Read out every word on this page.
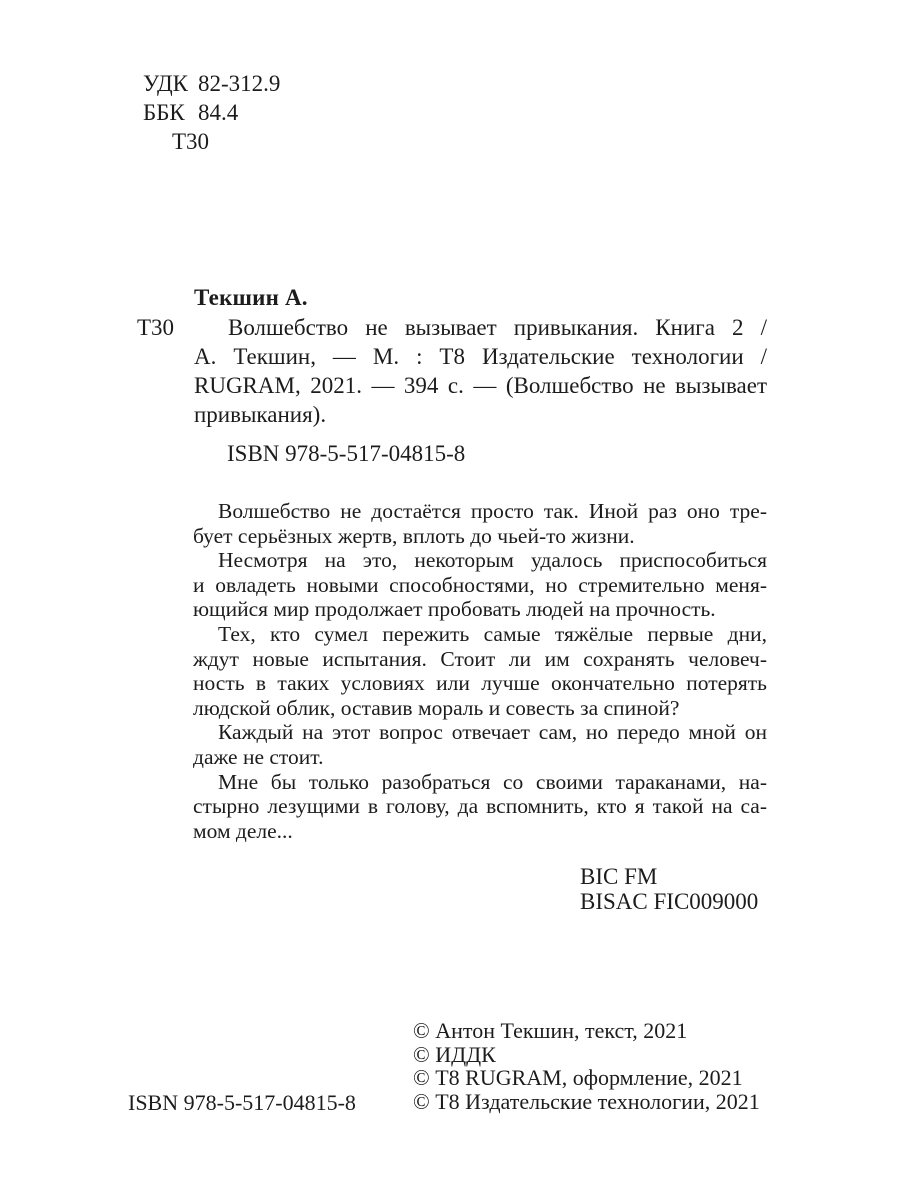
УДК 82-312.9
ББК 84.4
Т30
Текшин А.
Т30	Волшебство не вызывает привыкания. Книга 2 /
А. Текшин, — М. : Т8 Издательские технологии /
RUGRAM, 2021. — 394 с. — (Волшебство не вызывает
привыкания).
ISBN 978-5-517-04815-8
Волшебство не достаётся просто так. Иной раз оно тре-
бует серьёзных жертв, вплоть до чьей-то жизни.
Несмотря на это, некоторым удалось приспособиться
и овладеть новыми способностями, но стремительно меня-
ющийся мир продолжает пробовать людей на прочность.
Тех, кто сумел пережить самые тяжёлые первые дни,
ждут новые испытания. Стоит ли им сохранять человеч-
ность в таких условиях или лучше окончательно потерять
людской облик, оставив мораль и совесть за спиной?
Каждый на этот вопрос отвечает сам, но передо мной он
даже не стоит.
Мне бы только разобраться со своими тараканами, на-
стырно лезущими в голову, да вспомнить, кто я такой на са-
мом деле...
BIC FM
BISAC FIC009000
© Антон Текшин, текст, 2021
© ИДДК
© Т8 RUGRAM, оформление, 2021
© Т8 Издательские технологии, 2021
ISBN 978-5-517-04815-8
